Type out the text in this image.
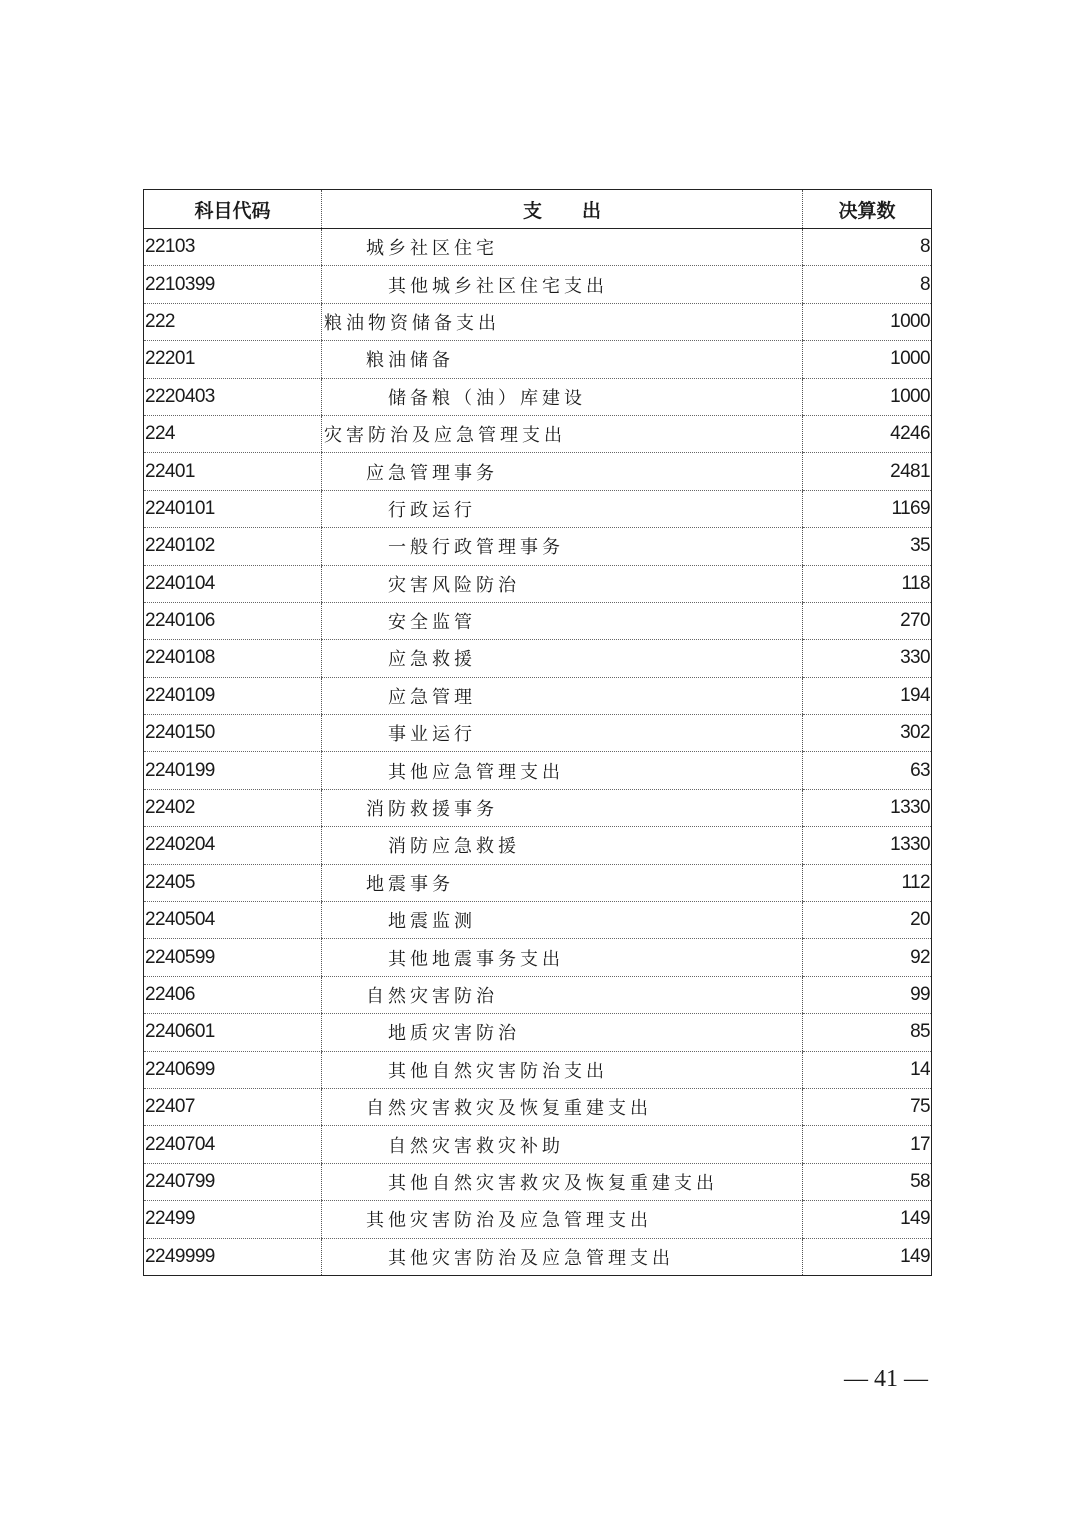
科目代码	支出	决算数
22103	城乡社区住宅	8
2210399	其他城乡社区住宅支出	8
222	粮油物资储备支出	1000
22201	粮油储备	1000
2220403	储备粮（油）库建设	1000
224	灾害防治及应急管理支出	4246
22401	应急管理事务	2481
2240101	行政运行	1169
2240102	一般行政管理事务	35
2240104	灾害风险防治	118
2240106	安全监管	270
2240108	应急救援	330
2240109	应急管理	194
2240150	事业运行	302
2240199	其他应急管理支出	63
22402	消防救援事务	1330
2240204	消防应急救援	1330
22405	地震事务	112
2240504	地震监测	20
2240599	其他地震事务支出	92
22406	自然灾害防治	99
2240601	地质灾害防治	85
2240699	其他自然灾害防治支出	14
22407	自然灾害救灾及恢复重建支出	75
2240704	自然灾害救灾补助	17
2240799	其他自然灾害救灾及恢复重建支出	58
22499	其他灾害防治及应急管理支出	149
2249999	其他灾害防治及应急管理支出	149
— 41 —
